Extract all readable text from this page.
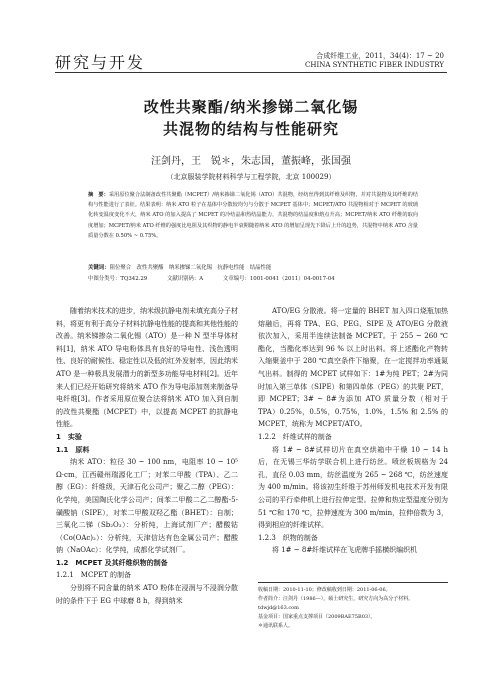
研究与开发	合成纤维工业，2011，34(4)：17 ~ 20
CHINA SYNTHETIC FIBER INDUSTRY
改性共聚酯/纳米掺锑二氧化锡
共混物的结构与性能研究
汪剑丹，王　锐＊，朱志国，董振峰，张国强
（北京服装学院材料科学与工程学院，北京 100029）
摘　要：采用原位聚合法制备改性共聚酯（MCPET）/纳米掺锑二氧化锡（ATO）共混物，经纺丝得到其纤维及织物，并对共混物及其纤维的结构与性能进行了表征。结果表明：纳米 ATO 粒子在基体中分散较均匀与分散于 MCPET 基体中；MCPET/ATO 共混物相对于 MCPET 的玻璃化转变温度变化不大，纳米 ATO 的加入提高了 MCPET 的冷结晶和热结晶能力，共混物的结晶度和熔点升高；MCPET/纳米 ATO 纤维的取向度增加；MCPET/纳米 ATO 纤维的强度比电阻及其织物的静电半衰期随着纳米 ATO 的增加呈现先下降后上升的趋势，共混物中纳米 ATO 含量质量分数在 0.50% ~ 0.75%。
关键词：阻位聚合　改性共聚酯　纳米掺锑二氧化锡　抗静电性能　结晶性能
中图分类号：TQ342.29	文献识别码：A	文章编号：1001-0041（2011）04-0017-04

随着纳米技术的进步，纳米级抗静电剂未填充高分子材料，将更有利于高分子材料抗静电性能的提高和其他性能的改善。纳米锑掺杂二氧化锡（ATO）是一种 N 型半导体材料[1]，纳米 ATO 导电粉体具有良好的导电性、浅色透明性、良好的耐候性、稳定性以及低的红外发射率，因此纳米 ATO 是一种极具发展潜力的新型多功能导电材料[2]。近年来人们已经开始研究将纳米 ATO 作为导电添加剂来制备导电纤维[3]。作者采用原位聚合法将纳米 ATO 加入到自制的改性共聚酯（MCPET）中，以提高 MCPET 的抗静电性能。

1　实验
1.1　原料

纳米 ATO：粒径 30 ~ 100 nm，电阻率 10 ~ 10⁵ Ω·cm，江西赣州瑞源化工厂；对苯二甲酸（TPA）、乙二醇（EG）：纤维级，天津石化公司产；聚乙二醇（PEG）：化学纯，美国陶氏化学公司产；间苯二甲酸二乙二醇酯-5-磺酸钠（SIPE），对苯二甲酸双羟乙酯（BHET）：自制；三氧化二锑（Sb₂O₃）：分析纯，上海试剂厂产；醋酸钴（Co(OAc)₂）：分析纯，天津信达有色金属公司产；醋酸钠（NaOAc）：化学纯，成都化学试剂厂。

1.2　MCPET 及其纤维织物的制备
1.2.1　MCPET 的制备

分别将不同含量的纳米 ATO 粉体在浸润与不浸润分散时的条件下于 EG 中球磨 8 h，得到纳米

ATO/EG 分散液。将一定量的 BHET 加入四口烧瓶加热熔融后，再将 TPA、EG、PEG、SIPE 及 ATO/EG 分散液依次加入，采用半连续法制备 MCPET。于 255 ~ 260 ℃酯化，当酯化率达到 96 % 以上时出料。将上述酯化产物转入缩聚釜中于 280 ℃真空条件下缩聚，在一定搅拌功率通氮气出料。制得的 MCPET 试样如下：1#为纯 PET；2#为同时加入第三单体（SIPE）和第四单体（PEG）的共聚 PET，即 MCPET；3# ~ 8#为添加 ATO 质量分数（相对于 TPA）0.25%，0.5%，0.75%，1.0%，1.5% 和 2.5% 的 MCPET，统称为 MCPET/ATO。

1.2.2　纤维试样的制备

将 1# ~ 8#试样切片在真空烘箱中干燥 10 ~ 14 h 后，在无锡三华纺学联合机上进行纺丝。喷丝板规格为 24 孔，直径 0.03 mm，纺丝温度为 265 ~ 268 ℃，纺丝速度为 400 m/min。将该初生纤维于苏州师发机电技术开发有限公司的平行牵伸机上进行拉伸定型。拉伸和热定型温度分别为 51 ℃和 170 ℃，拉伸速度为 300 m/min，拉伸倍数为 3，得到相应的纤维试样。

1.2.3　织物的制备

将 1# ~ 8#纤维试样在飞虎牌手摇横织编织机

收稿日期：2010-11-10；修改稿收到日期：2011-06-06。
作者简介：汪剑丹（1986—），硕士研究生，研究方向为高分子材料。tdwjd@163.com
基金项目：国家重点支撑项目（2009BAE75B03）。
＊通讯联系人。
